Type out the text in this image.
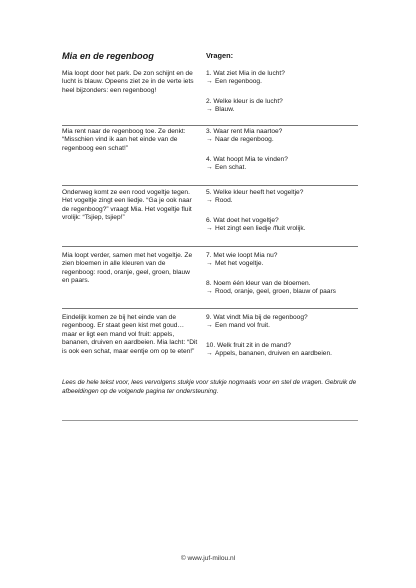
Mia en de regenboog	Vragen:

Mia loopt door het park. De zon schijnt en de lucht is blauw. Opeens ziet ze in de verte iets heel bijzonders: een regenboog!
1. Wat ziet Mia in de lucht?
→ Een regenboog.
2. Welke kleur is de lucht?
→ Blauw.
Mia rent naar de regenboog toe. Ze denkt: “Misschien vind ik aan het einde van de regenboog een schat!”
3. Waar rent Mia naartoe?
→ Naar de regenboog.
4. Wat hoopt Mia te vinden?
→ Een schat.
Onderweg komt ze een rood vogeltje tegen. Het vogeltje zingt een liedje. “Ga je ook naar de regenboog?” vraagt Mia. Het vogeltje fluit vrolijk: “Tsjiep, tsjiep!”
5. Welke kleur heeft het vogeltje?
→ Rood.
6. Wat doet het vogeltje?
→ Het zingt een liedje /fluit vrolijk.
Mia loopt verder, samen met het vogeltje. Ze zien bloemen in alle kleuren van de regenboog: rood, oranje, geel, groen, blauw en paars.
7. Met wie loopt Mia nu?
→ Met het vogeltje.
8. Noem één kleur van de bloemen.
→ Rood, oranje, geel, groen, blauw of paars
Eindelijk komen ze bij het einde van de regenboog. Er staat geen kist met goud… maar er ligt een mand vol fruit: appels, bananen, druiven en aardbeien. Mia lacht: “Dit is ook een schat, maar eentje om op te eten!”
9. Wat vindt Mia bij de regenboog?
→ Een mand vol fruit.
10. Welk fruit zit in de mand?
→ Appels, bananen, druiven en aardbeien.
Lees de hele tekst voor, lees vervolgens stukje voor stukje nogmaals voor en stel de vragen. Gebruik de afbeeldingen op de volgende pagina ter ondersteuning.
© www.juf-milou.nl
